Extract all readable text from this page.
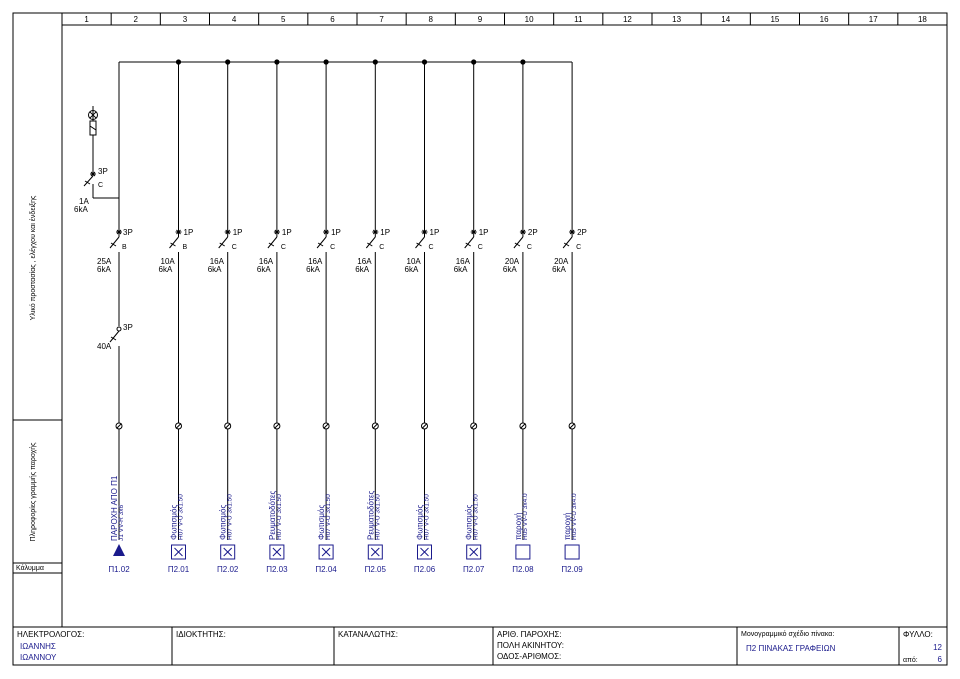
1	2	3	4	5	6	7	8	9	10	11	12	13	14	15	16	17	18
Υλικό προστασίας , ελέγχου και ένδειξης
Πληροφορίες γραμμής παροχής
Κάλυμμα
3P
C
1A
6kA
3P
B
25A
6kA
3P
40A
ΠΑΡΟΧΗ ΑΠΟ Π1 J1 VV-R 3x6
Π1.02
1P
B
10A
6kA
Φωτισμός H07 V-U 3x1.50
Π2.01
1P
C
16A
6kA
Φωτισμός H07 V-U 3x1.50
Π2.02
1P
C
16A
6kA
Ρευματοδότες H07 V-U 3x1.50
Π2.03
1P
C
16A
6kA
Φωτισμός H07 V-U 3x1.50
Π2.04
1P
C
16A
6kA
Ρευματοδότες H07 V-U 3x1.50
Π2.05
1P
C
10A
6kA
Φωτισμός H07 V-U 3x1.50
Π2.06
1P
C
16A
6kA
Φωτισμός H07 V-U 3x1.50
Π2.07
2P
C
20A
6kA
παροχή H05 VV-U 3x4.0
Π2.08
2P
C
20A
6kA
παροχή H05 VV-U 3x4.0
Π2.09
ΗΛΕΚΤΡΟΛΟΓΟΣ:
ΙΩΑΝΝΗΣ
ΙΩΑΝΝΟΥ
ΙΔΙΟΚΤΗΤΗΣ:	ΚΑΤΑΝΑΛΩΤΗΣ:	ΑΡΙΘ. ΠΑΡΟΧΗΣ:
ΠΟΛΗ ΑΚΙΝΗΤΟΥ:
ΟΔΟΣ-ΑΡΙΘΜΟΣ:
Μονογραμμικό σχέδιο πίνακα:
Π2 ΠΙΝΑΚΑΣ ΓΡΑΦΕΙΩΝ
ΦΥΛΛΟ:
12
από: 6
